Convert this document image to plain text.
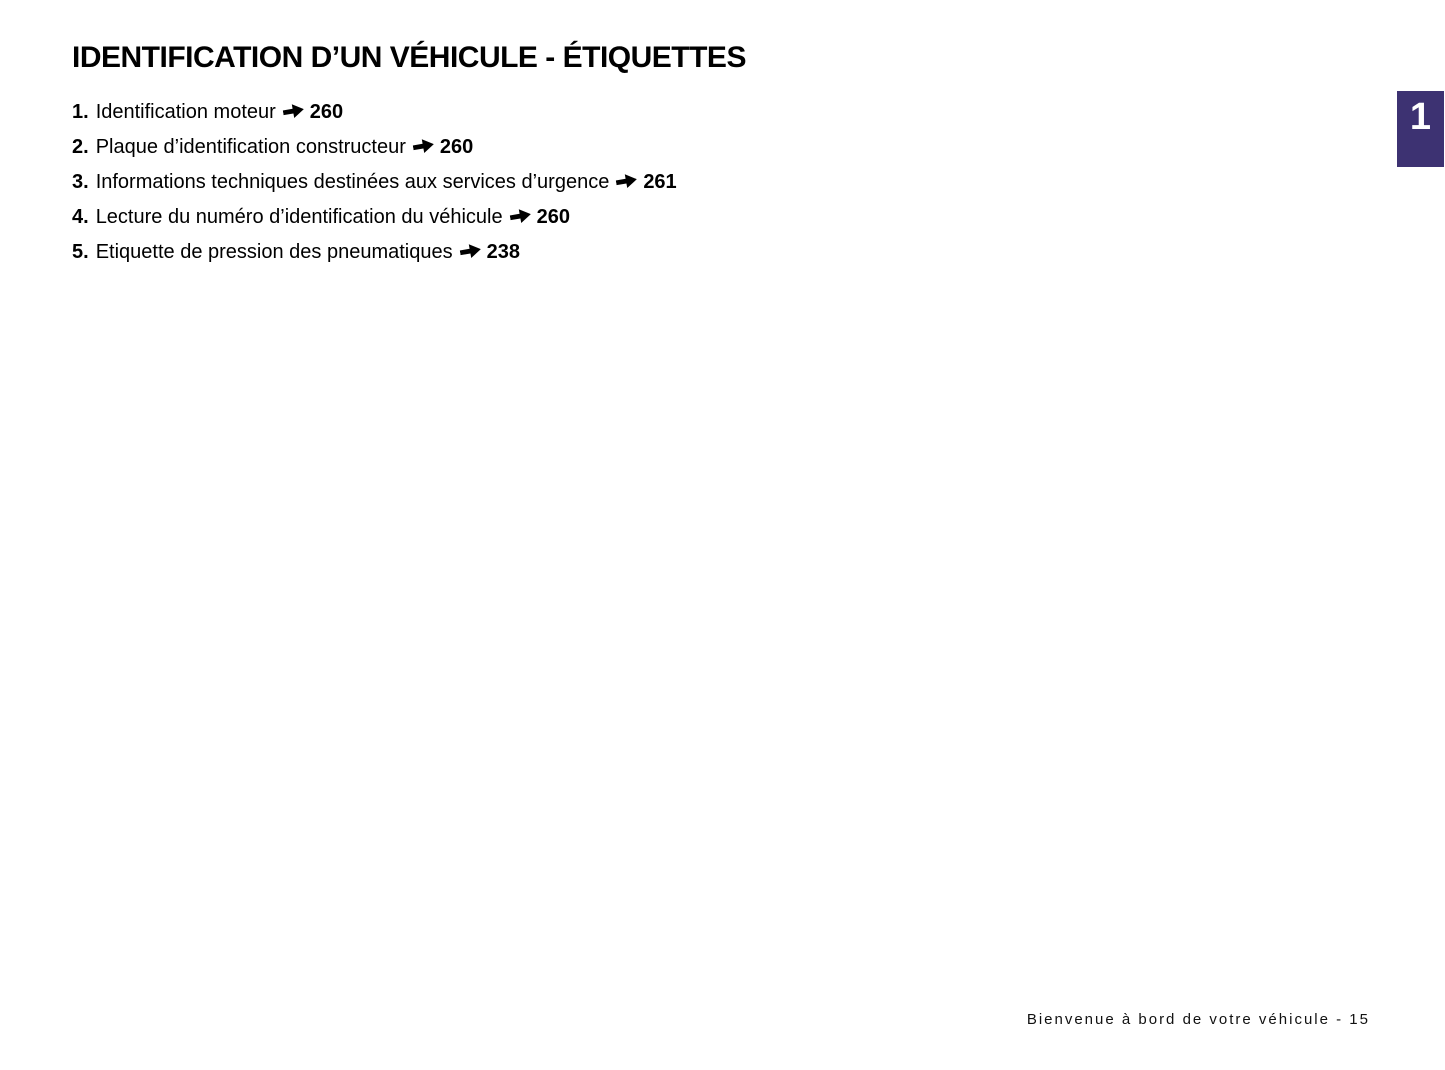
IDENTIFICATION D’UN VÉHICULE - ÉTIQUETTES
1. Identification moteur 260
2. Plaque d’identification constructeur 260
3. Informations techniques destinées aux services d’urgence 261
4. Lecture du numéro d’identification du véhicule 260
5. Etiquette de pression des pneumatiques 238
1
Bienvenue à bord de votre véhicule - 15
